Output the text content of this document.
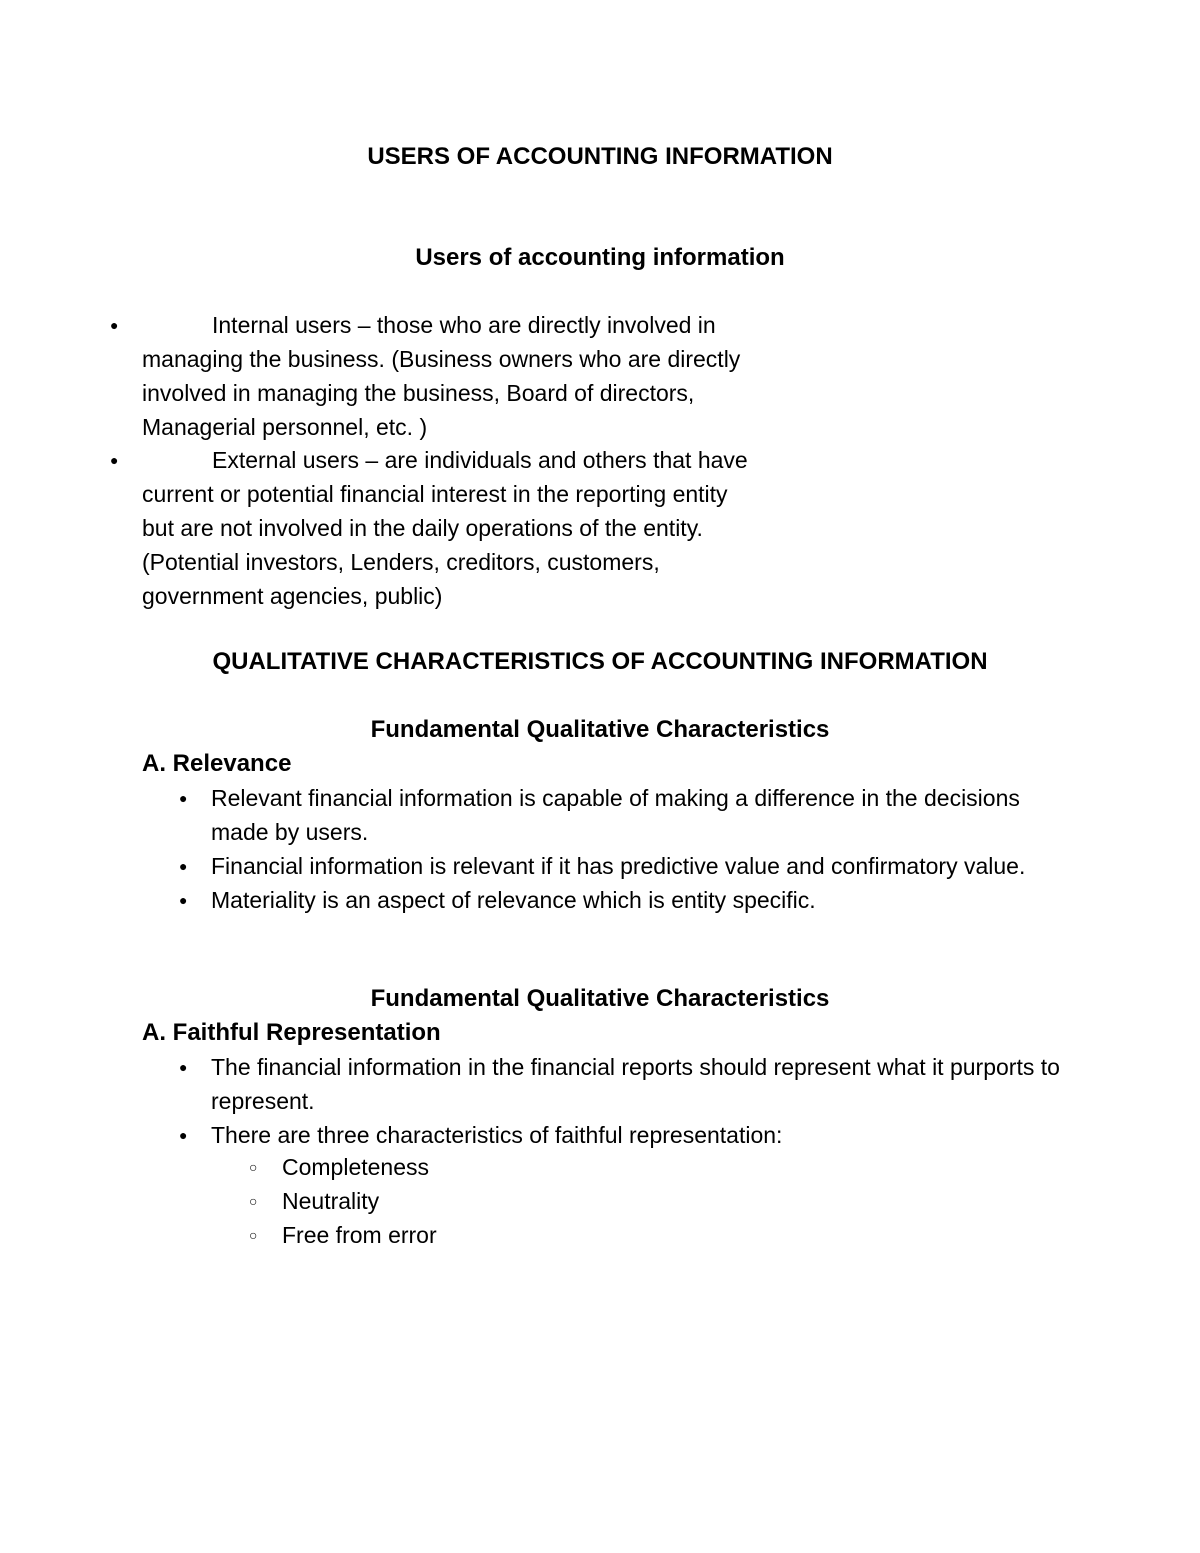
USERS OF ACCOUNTING INFORMATION
Users of accounting information

●	Internal users – those who are directly involved in managing the business. (Business owners who are directly involved in managing the business, Board of directors, Managerial personnel, etc. )

●	External users – are individuals and others that have current or potential financial interest in the reporting entity but are not involved in the daily operations of the entity. (Potential investors, Lenders, creditors, customers, government agencies, public)

QUALITATIVE CHARACTERISTICS OF ACCOUNTING INFORMATION
Fundamental Qualitative Characteristics
A. Relevance
● Relevant financial information is capable of making a difference in the decisions made by users.
● Financial information is relevant if it has predictive value and confirmatory value.
● Materiality is an aspect of relevance which is entity specific.
Fundamental Qualitative Characteristics
A. Faithful Representation
● The financial information in the financial reports should represent what it purports to represent.
● There are three characteristics of faithful representation:
○ Completeness
○ Neutrality
○ Free from error
